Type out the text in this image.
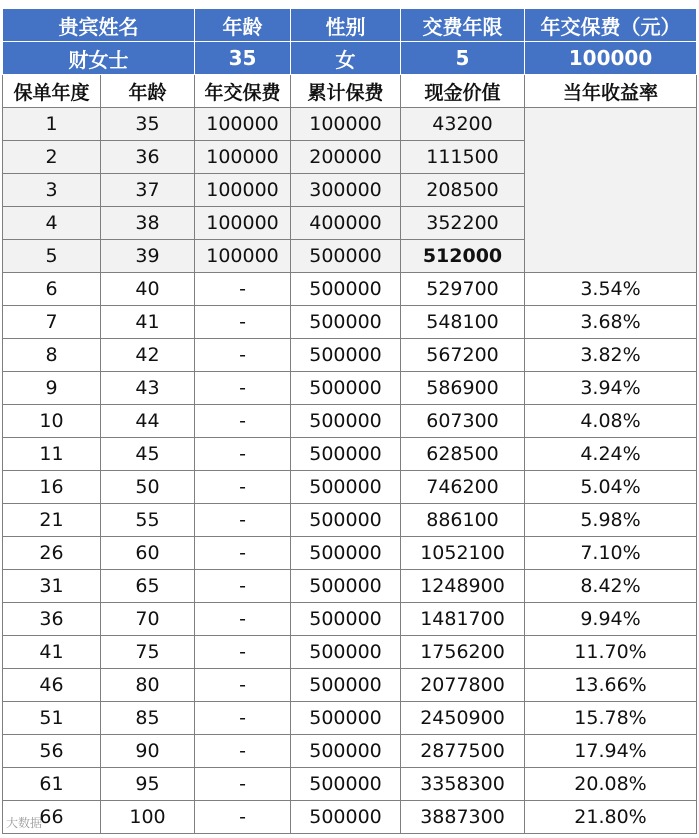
贵宾姓名		年龄	性别	交费年限	年交保费（元）
财女士		35	女	5	100000
保单年度	年龄	年交保费	累计保费	现金价值	当年收益率
1	35	100000	100000	43200	
2	36	100000	200000	111500	
3	37	100000	300000	208500	
4	38	100000	400000	352200	
5	39	100000	500000	512000	
6	40	-	500000	529700	3.54%
7	41	-	500000	548100	3.68%
8	42	-	500000	567200	3.82%
9	43	-	500000	586900	3.94%
10	44	-	500000	607300	4.08%
11	45	-	500000	628500	4.24%
16	50	-	500000	746200	5.04%
21	55	-	500000	886100	5.98%
26	60	-	500000	1052100	7.10%
31	65	-	500000	1248900	8.42%
36	70	-	500000	1481700	9.94%
41	75	-	500000	1756200	11.70%
46	80	-	500000	2077800	13.66%
51	85	-	500000	2450900	15.78%
56	90	-	500000	2877500	17.94%
61	95	-	500000	3358300	20.08%
66	100	-	500000	3887300	21.80%
大数据
